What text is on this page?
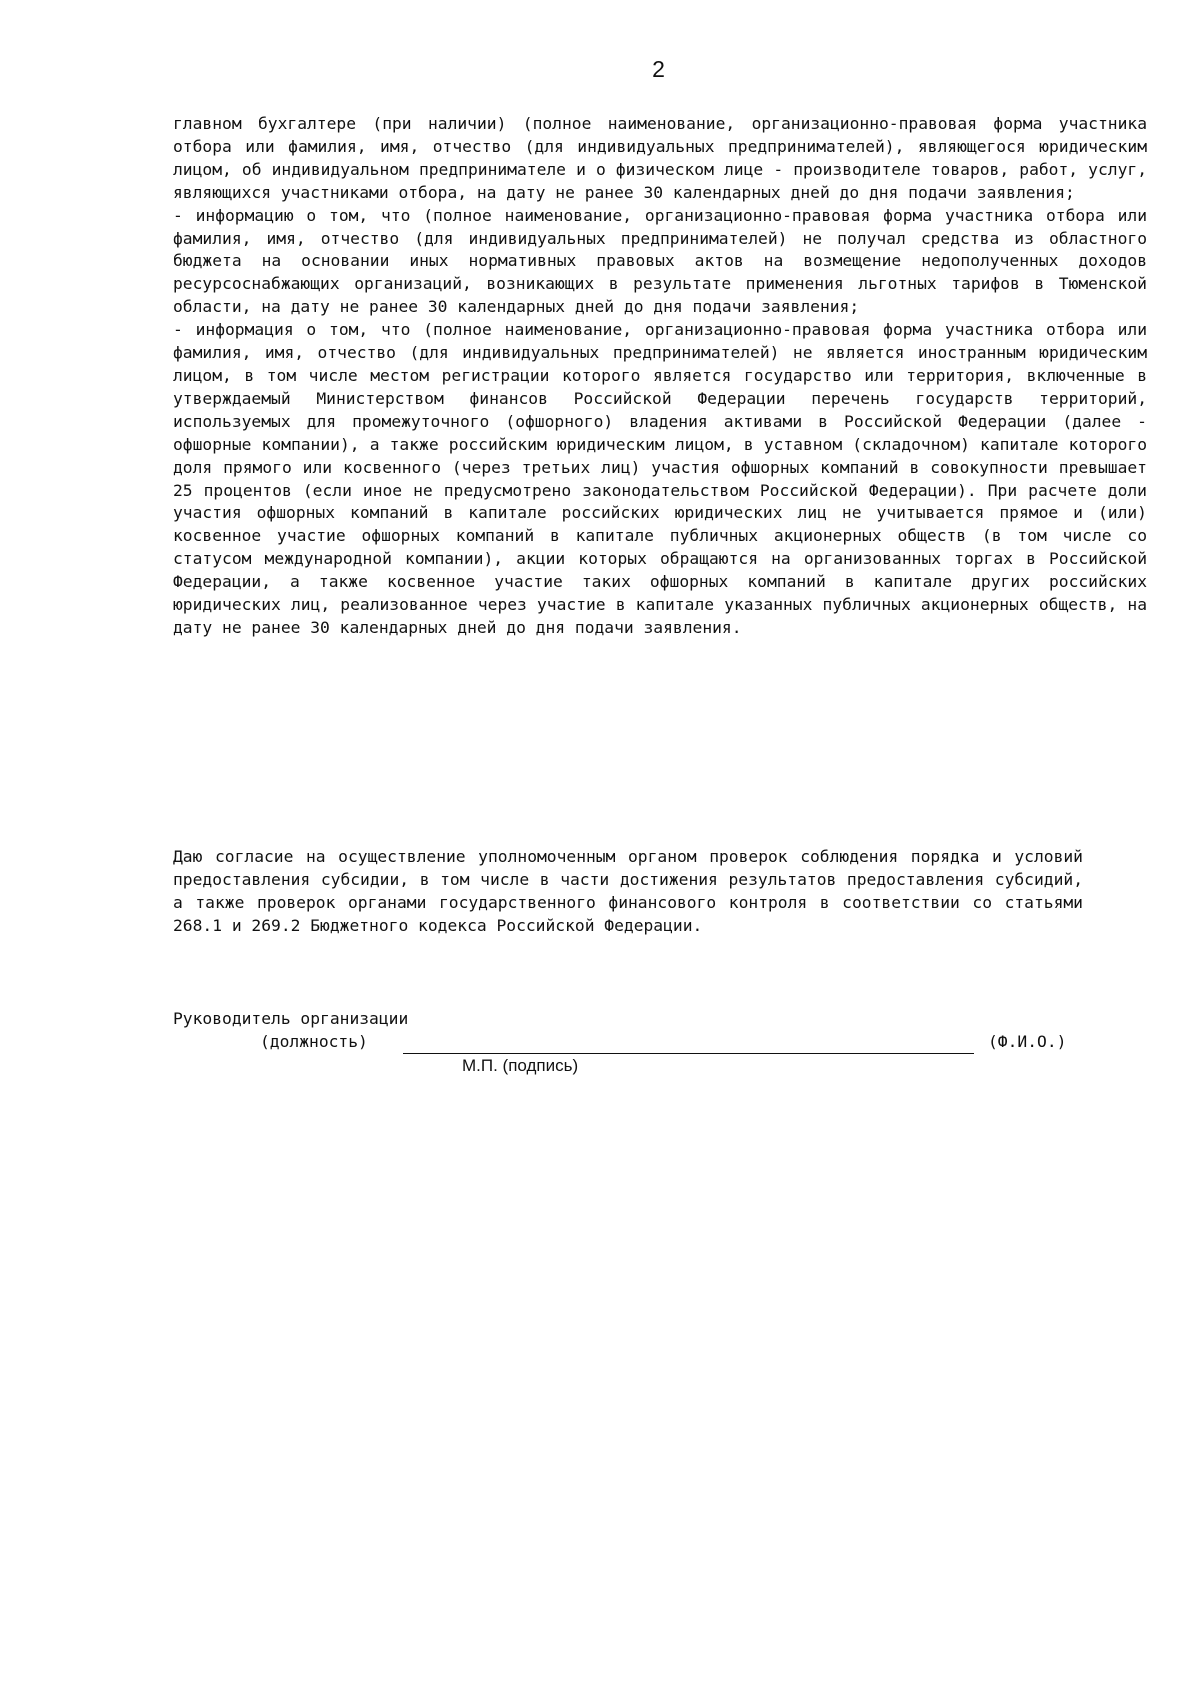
2

главном бухгалтере (при наличии) (полное наименование, организационно-правовая форма участника отбора или фамилия, имя, отчество (для индивидуальных предпринимателей), являющегося юридическим лицом, об индивидуальном предпринимателе и о физическом лице - производителе товаров, работ, услуг, являющихся участниками отбора, на дату не ранее 30 календарных дней до дня подачи заявления;

- информацию о том, что (полное наименование, организационно-правовая форма участника отбора или фамилия, имя, отчество (для индивидуальных предпринимателей) не получал средства из областного бюджета на основании иных нормативных правовых актов на возмещение недополученных доходов ресурсоснабжающих организаций, возникающих в результате применения льготных тарифов в Тюменской области, на дату не ранее 30 календарных дней до дня подачи заявления;

- информация о том, что (полное наименование, организационно-правовая форма участника отбора или фамилия, имя, отчество (для индивидуальных предпринимателей) не является иностранным юридическим лицом, в том числе местом регистрации которого является государство или территория, включенные в утверждаемый Министерством финансов Российской Федерации перечень государств территорий, используемых для промежуточного (офшорного) владения активами в Российской Федерации (далее - офшорные компании), а также российским юридическим лицом, в уставном (складочном) капитале которого доля прямого или косвенного (через третьих лиц) участия офшорных компаний в совокупности превышает 25 процентов (если иное не предусмотрено законодательством Российской Федерации). При расчете доли участия офшорных компаний в капитале российских юридических лиц не учитывается прямое и (или) косвенное участие офшорных компаний в капитале публичных акционерных обществ (в том числе со статусом международной компании), акции которых обращаются на организованных торгах в Российской Федерации, а также косвенное участие таких офшорных компаний в капитале других российских юридических лиц, реализованное через участие в капитале указанных публичных акционерных обществ, на дату не ранее 30 календарных дней до дня подачи заявления.

Даю согласие на осуществление уполномоченным органом проверок соблюдения порядка и условий предоставления субсидии, в том числе в части достижения результатов предоставления субсидий, а также проверок органами государственного финансового контроля в соответствии со статьями 268.1 и 269.2 Бюджетного кодекса Российской Федерации.

Руководитель организации
(должность)	(Ф.И.О.)
М.П. (подпись)
